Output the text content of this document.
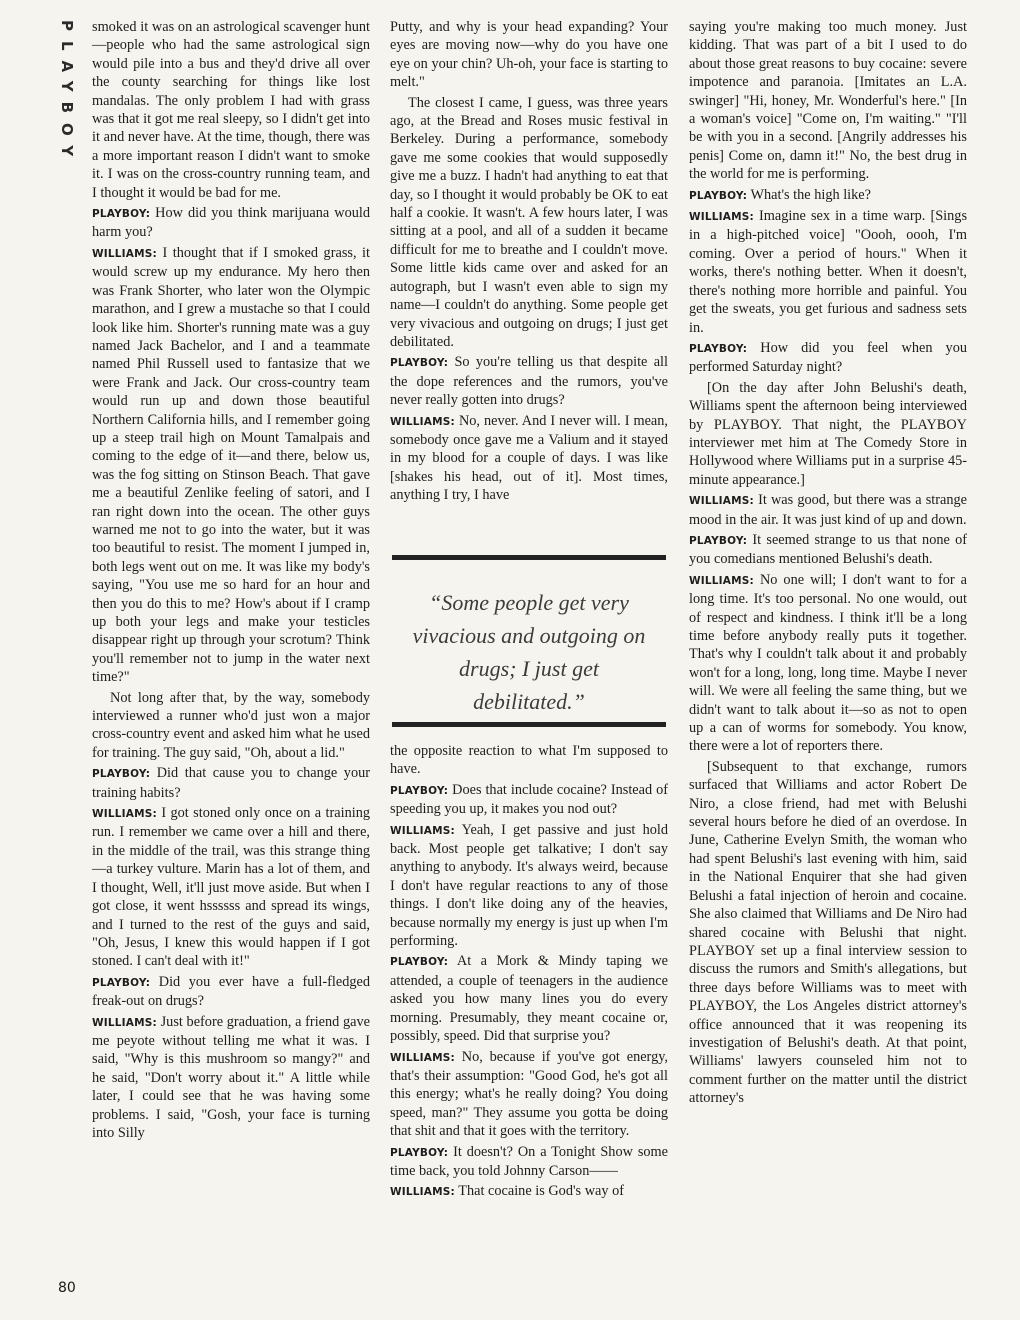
PLAYBOY smoked it was on an astrological scavenger hunt—people who had the same astrological sign would pile into a bus and they'd drive all over the county searching for things like lost mandalas. The only problem I had with grass was that it got me real sleepy, so I didn't get into it and never have. At the time, though, there was a more important reason I didn't want to smoke it. I was on the cross-country running team, and I thought it would be bad for me.

PLAYBOY: How did you think marijuana would harm you?

WILLIAMS: I thought that if I smoked grass, it would screw up my endurance. My hero then was Frank Shorter, who later won the Olympic marathon, and I grew a mustache so that I could look like him. Shorter's running mate was a guy named Jack Bachelor, and I and a teammate named Phil Russell used to fantasize that we were Frank and Jack. Our cross-country team would run up and down those beautiful Northern California hills, and I remember going up a steep trail high on Mount Tamalpais and coming to the edge of it—and there, below us, was the fog sitting on Stinson Beach. That gave me a beautiful Zenlike feeling of satori, and I ran right down into the ocean. The other guys warned me not to go into the water, but it was too beautiful to resist. The moment I jumped in, both legs went out on me. It was like my body's saying, "You use me so hard for an hour and then you do this to me? How's about if I cramp up both your legs and make your testicles disappear right up through your scrotum? Think you'll remember not to jump in the water next time?"

Not long after that, by the way, somebody interviewed a runner who'd just won a major cross-country event and asked him what he used for training. The guy said, "Oh, about a lid."

PLAYBOY: Did that cause you to change your training habits?

WILLIAMS: I got stoned only once on a training run. I remember we came over a hill and there, in the middle of the trail, was this strange thing—a turkey vulture. Marin has a lot of them, and I thought, Well, it'll just move aside. But when I got close, it went hssssss and spread its wings, and I turned to the rest of the guys and said, "Oh, Jesus, I knew this would happen if I got stoned. I can't deal with it!"

PLAYBOY: Did you ever have a full-fledged freak-out on drugs?

WILLIAMS: Just before graduation, a friend gave me peyote without telling me what it was. I said, "Why is this mushroom so mangy?" and he said, "Don't worry about it." A little while later, I could see that he was having some problems. I said, "Gosh, your face is turning into Silly

Putty, and why is your head expanding? Your eyes are moving now—why do you have one eye on your chin? Uh-oh, your face is starting to melt."

The closest I came, I guess, was three years ago, at the Bread and Roses music festival in Berkeley. During a performance, somebody gave me some cookies that would supposedly give me a buzz. I hadn't had anything to eat that day, so I thought it would probably be OK to eat half a cookie. It wasn't. A few hours later, I was sitting at a pool, and all of a sudden it became difficult for me to breathe and I couldn't move. Some little kids came over and asked for an autograph, but I wasn't even able to sign my name—I couldn't do anything. Some people get very vivacious and outgoing on drugs; I just get debilitated.

PLAYBOY: So you're telling us that despite all the dope references and the rumors, you've never really gotten into drugs?

WILLIAMS: No, never. And I never will. I mean, somebody once gave me a Valium and it stayed in my blood for a couple of days. I was like [shakes his head, out of it]. Most times, anything I try, I have

“Some people get very
vivacious and outgoing on
drugs; I just get
debilitated.”

the opposite reaction to what I'm supposed to have.

PLAYBOY: Does that include cocaine? Instead of speeding you up, it makes you nod out?

WILLIAMS: Yeah, I get passive and just hold back. Most people get talkative; I don't say anything to anybody. It's always weird, because I don't have regular reactions to any of those things. I don't like doing any of the heavies, because normally my energy is just up when I'm performing.

PLAYBOY: At a Mork & Mindy taping we attended, a couple of teenagers in the audience asked you how many lines you do every morning. Presumably, they meant cocaine or, possibly, speed. Did that surprise you?

WILLIAMS: No, because if you've got energy, that's their assumption: "Good God, he's got all this energy; what's he really doing? You doing speed, man?" They assume you gotta be doing that shit and that it goes with the territory.

PLAYBOY: It doesn't? On a Tonight Show some time back, you told Johnny Carson——

WILLIAMS: That cocaine is God's way of

saying you're making too much money. Just kidding. That was part of a bit I used to do about those great reasons to buy cocaine: severe impotence and paranoia. [Imitates an L.A. swinger] "Hi, honey, Mr. Wonderful's here." [In a woman's voice] "Come on, I'm waiting." "I'll be with you in a second. [Angrily addresses his penis] Come on, damn it!" No, the best drug in the world for me is performing.

PLAYBOY: What's the high like?

WILLIAMS: Imagine sex in a time warp. [Sings in a high-pitched voice] "Oooh, oooh, I'm coming. Over a period of hours." When it works, there's nothing better. When it doesn't, there's nothing more horrible and painful. You get the sweats, you get furious and sadness sets in.

PLAYBOY: How did you feel when you performed Saturday night?

[On the day after John Belushi's death, Williams spent the afternoon being interviewed by PLAYBOY. That night, the PLAYBOY interviewer met him at The Comedy Store in Hollywood where Williams put in a surprise 45-minute appearance.]

WILLIAMS: It was good, but there was a strange mood in the air. It was just kind of up and down.

PLAYBOY: It seemed strange to us that none of you comedians mentioned Belushi's death.

WILLIAMS: No one will; I don't want to for a long time. It's too personal. No one would, out of respect and kindness. I think it'll be a long time before anybody really puts it together. That's why I couldn't talk about it and probably won't for a long, long, long time. Maybe I never will. We were all feeling the same thing, but we didn't want to talk about it—so as not to open up a can of worms for somebody. You know, there were a lot of reporters there.

[Subsequent to that exchange, rumors surfaced that Williams and actor Robert De Niro, a close friend, had met with Belushi several hours before he died of an overdose. In June, Catherine Evelyn Smith, the woman who had spent Belushi's last evening with him, said in the National Enquirer that she had given Belushi a fatal injection of heroin and cocaine. She also claimed that Williams and De Niro had shared cocaine with Belushi that night. PLAYBOY set up a final interview session to discuss the rumors and Smith's allegations, but three days before Williams was to meet with PLAYBOY, the Los Angeles district attorney's office announced that it was reopening its investigation of Belushi's death. At that point, Williams' lawyers counseled him not to comment further on the matter until the district attorney's

80
